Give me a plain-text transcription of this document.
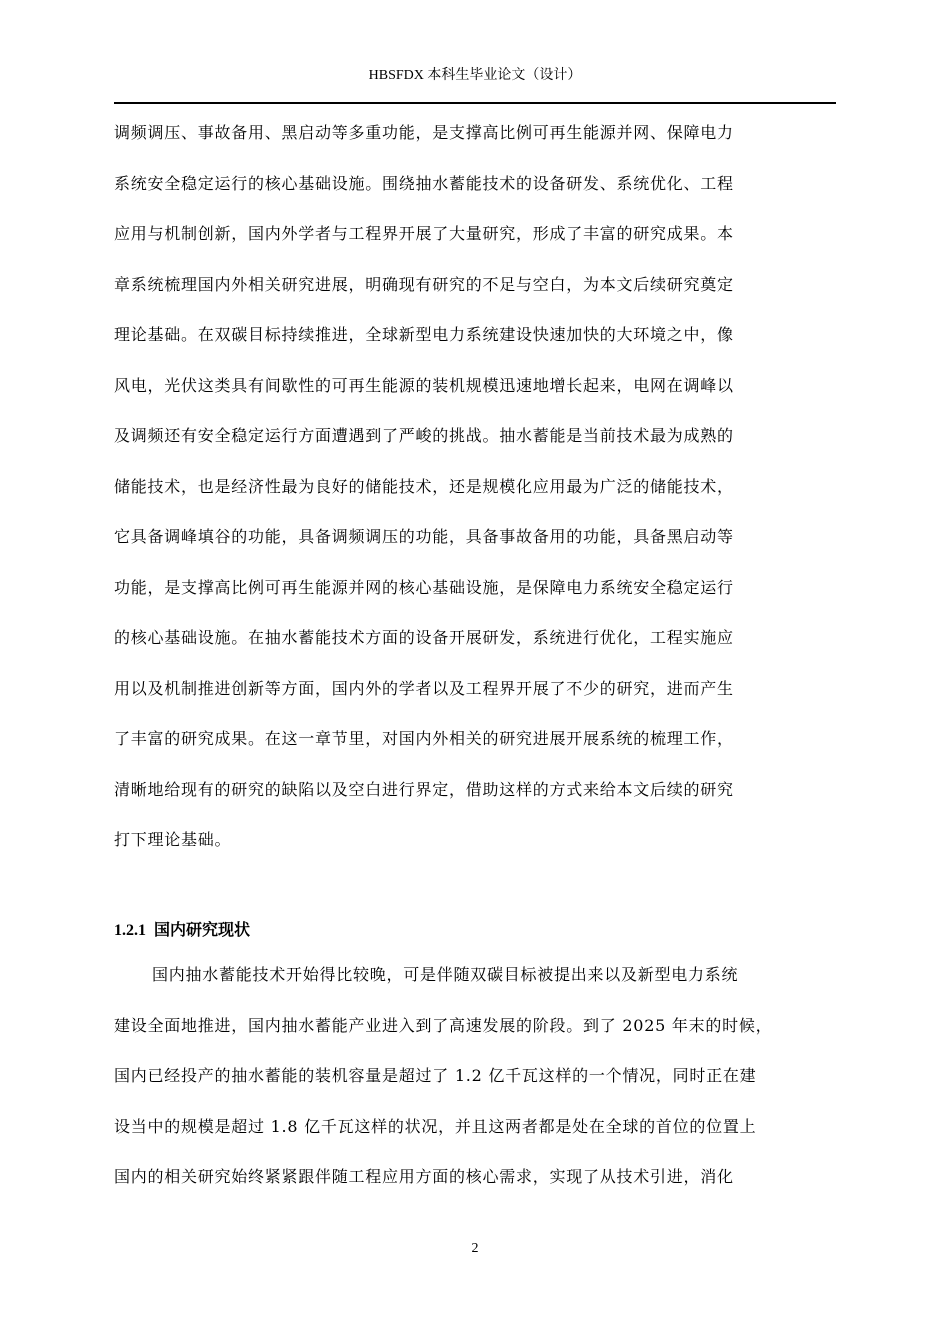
HBSFDX 本科生毕业论文（设计）
调频调压、事故备用、黑启动等多重功能，是支撑高比例可再生能源并网、保障电力
系统安全稳定运行的核心基础设施。围绕抽水蓄能技术的设备研发、系统优化、工程
应用与机制创新，国内外学者与工程界开展了大量研究，形成了丰富的研究成果。本
章系统梳理国内外相关研究进展，明确现有研究的不足与空白，为本文后续研究奠定
理论基础。在双碳目标持续推进，全球新型电力系统建设快速加快的大环境之中，像
风电，光伏这类具有间歇性的可再生能源的装机规模迅速地增长起来，电网在调峰以
及调频还有安全稳定运行方面遭遇到了严峻的挑战。抽水蓄能是当前技术最为成熟的
储能技术，也是经济性最为良好的储能技术，还是规模化应用最为广泛的储能技术，
它具备调峰填谷的功能，具备调频调压的功能，具备事故备用的功能，具备黑启动等
功能，是支撑高比例可再生能源并网的核心基础设施，是保障电力系统安全稳定运行
的核心基础设施。在抽水蓄能技术方面的设备开展研发，系统进行优化，工程实施应
用以及机制推进创新等方面，国内外的学者以及工程界开展了不少的研究，进而产生
了丰富的研究成果。在这一章节里，对国内外相关的研究进展开展系统的梳理工作，
清晰地给现有的研究的缺陷以及空白进行界定，借助这样的方式来给本文后续的研究
打下理论基础。
1.2.1 国内研究现状
国内抽水蓄能技术开始得比较晚，可是伴随双碳目标被提出来以及新型电力系统
建设全面地推进，国内抽水蓄能产业进入到了高速发展的阶段。到了 2025 年末的时候，
国内已经投产的抽水蓄能的装机容量是超过了 1.2 亿千瓦这样的一个情况，同时正在建
设当中的规模是超过 1.8 亿千瓦这样的状况，并且这两者都是处在全球的首位的位置上
国内的相关研究始终紧紧跟伴随工程应用方面的核心需求，实现了从技术引进，消化
2
